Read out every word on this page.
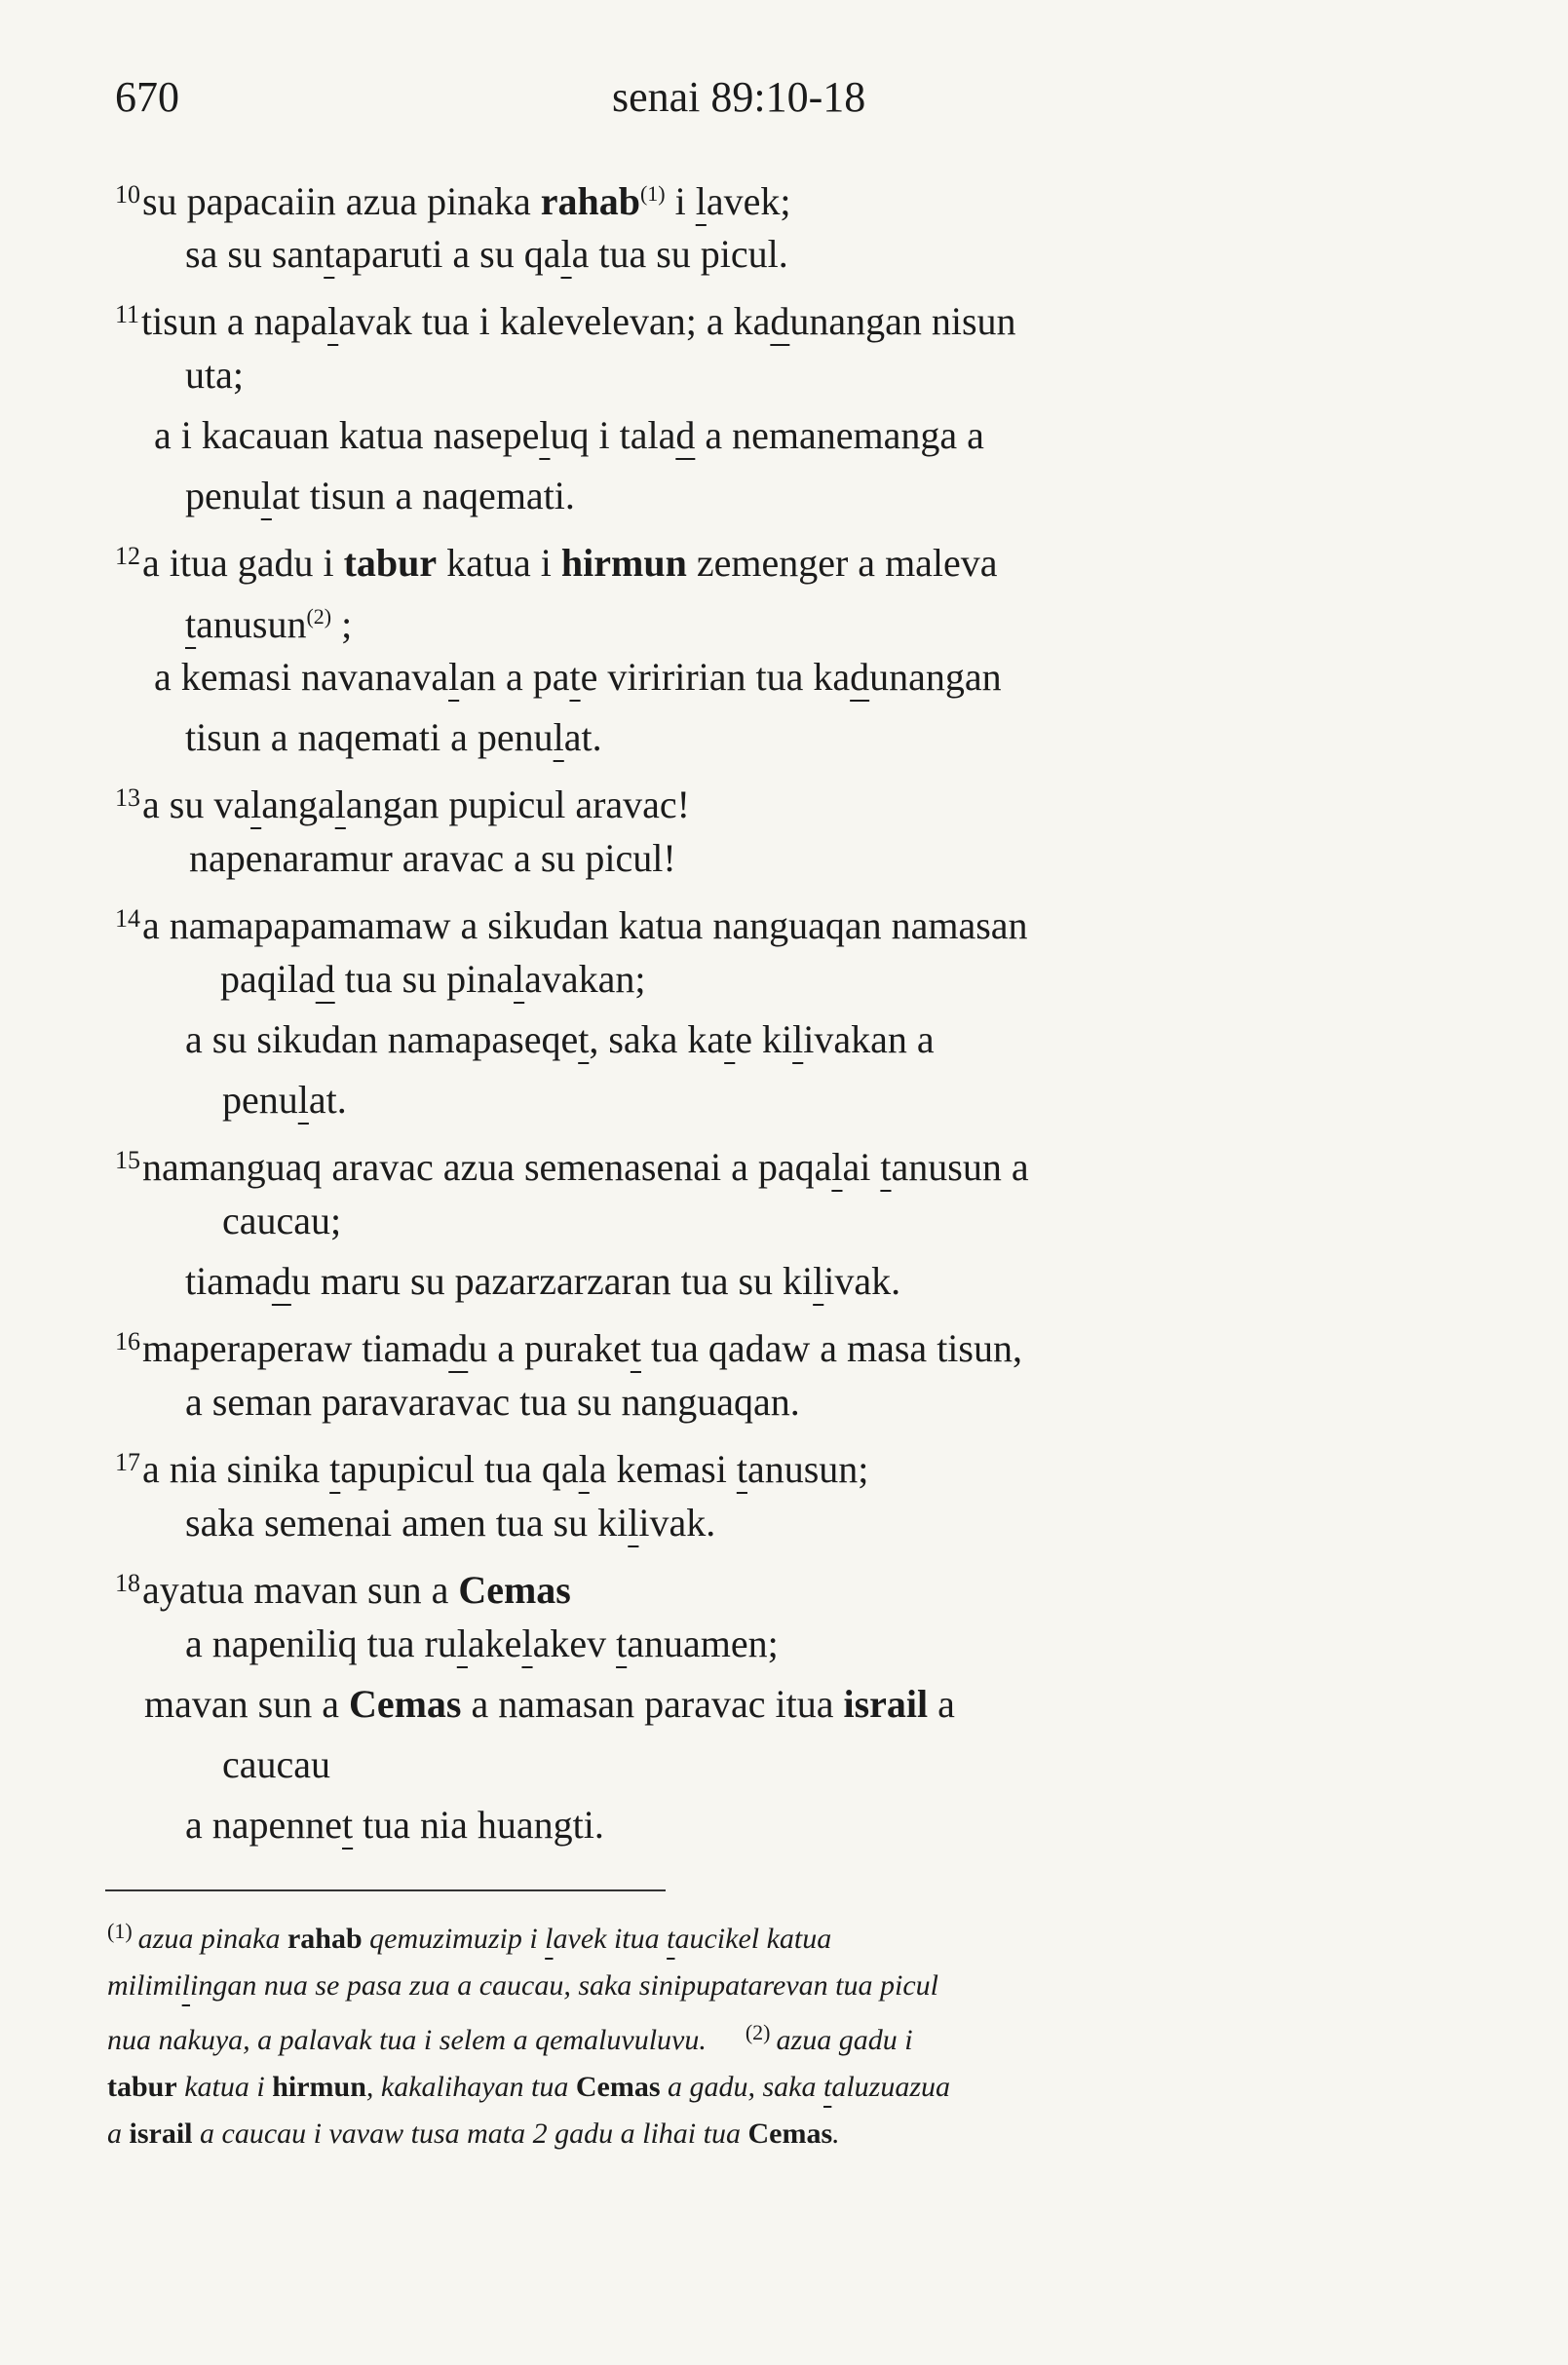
670	senai 89:10-18
$^{10}$su papacaiin azua pinaka rahab$^{(1)}$ i lavek;
sa su santaparuti a su qala tua su picul.
$^{11}$tisun a napalavak tua i kalevelevan; a kadunangan nisun
uta;
a i kacauan katua nasepeluq i talad a nemanemanga a
penulat tisun a naqemati.
$^{12}$a itua gadu i tabur katua i hirmun zemenger a maleva
tanusun$^{(2)}$ ;
a kemasi navanavalan a pate viriririan tua kadunangan
tisun a naqemati a penulat.
$^{13}$a su valangalangan pupicul aravac!
napenaramur aravac a su picul!
$^{14}$a namapapamamaw a sikudan katua nanguaqan namasan
paqilad tua su pinalavakan;
a su sikudan namapaseqet, saka kate kilivakan a
penulat.
$^{15}$namanguaq aravac azua semenasenai a paqalai tanusun a
caucau;
tiamadu maru su pazarzarzaran tua su kilivak.
$^{16}$maperaperaw tiamadu a puraket tua qadaw a masa tisun,
a seman paravaravac tua su nanguaqan.
$^{17}$a nia sinika tapupicul tua qala kemasi tanusun;
saka semenai amen tua su kilivak.
$^{18}$ayatua mavan sun a Cemas
a napeniliq tua rulakelakev tanuamen;
mavan sun a Cemas a namasan paravac itua israil a
caucau
a napennet tua nia huangti.
$^{(1)}$ azua pinaka rahab qemuzimuzip i lavek itua taucikel katua
milimilingan nua se pasa zua a caucau, saka sinipupatarevan tua picul
nua nakuya, a palavak tua i selem a qemaluvuluvu. $^{(2)}$ azua gadu i
tabur katua i hirmun, kakalihayan tua Cemas a gadu, saka taluzuazua
a israil a caucau i vavaw tusa mata 2 gadu a lihai tua Cemas.
